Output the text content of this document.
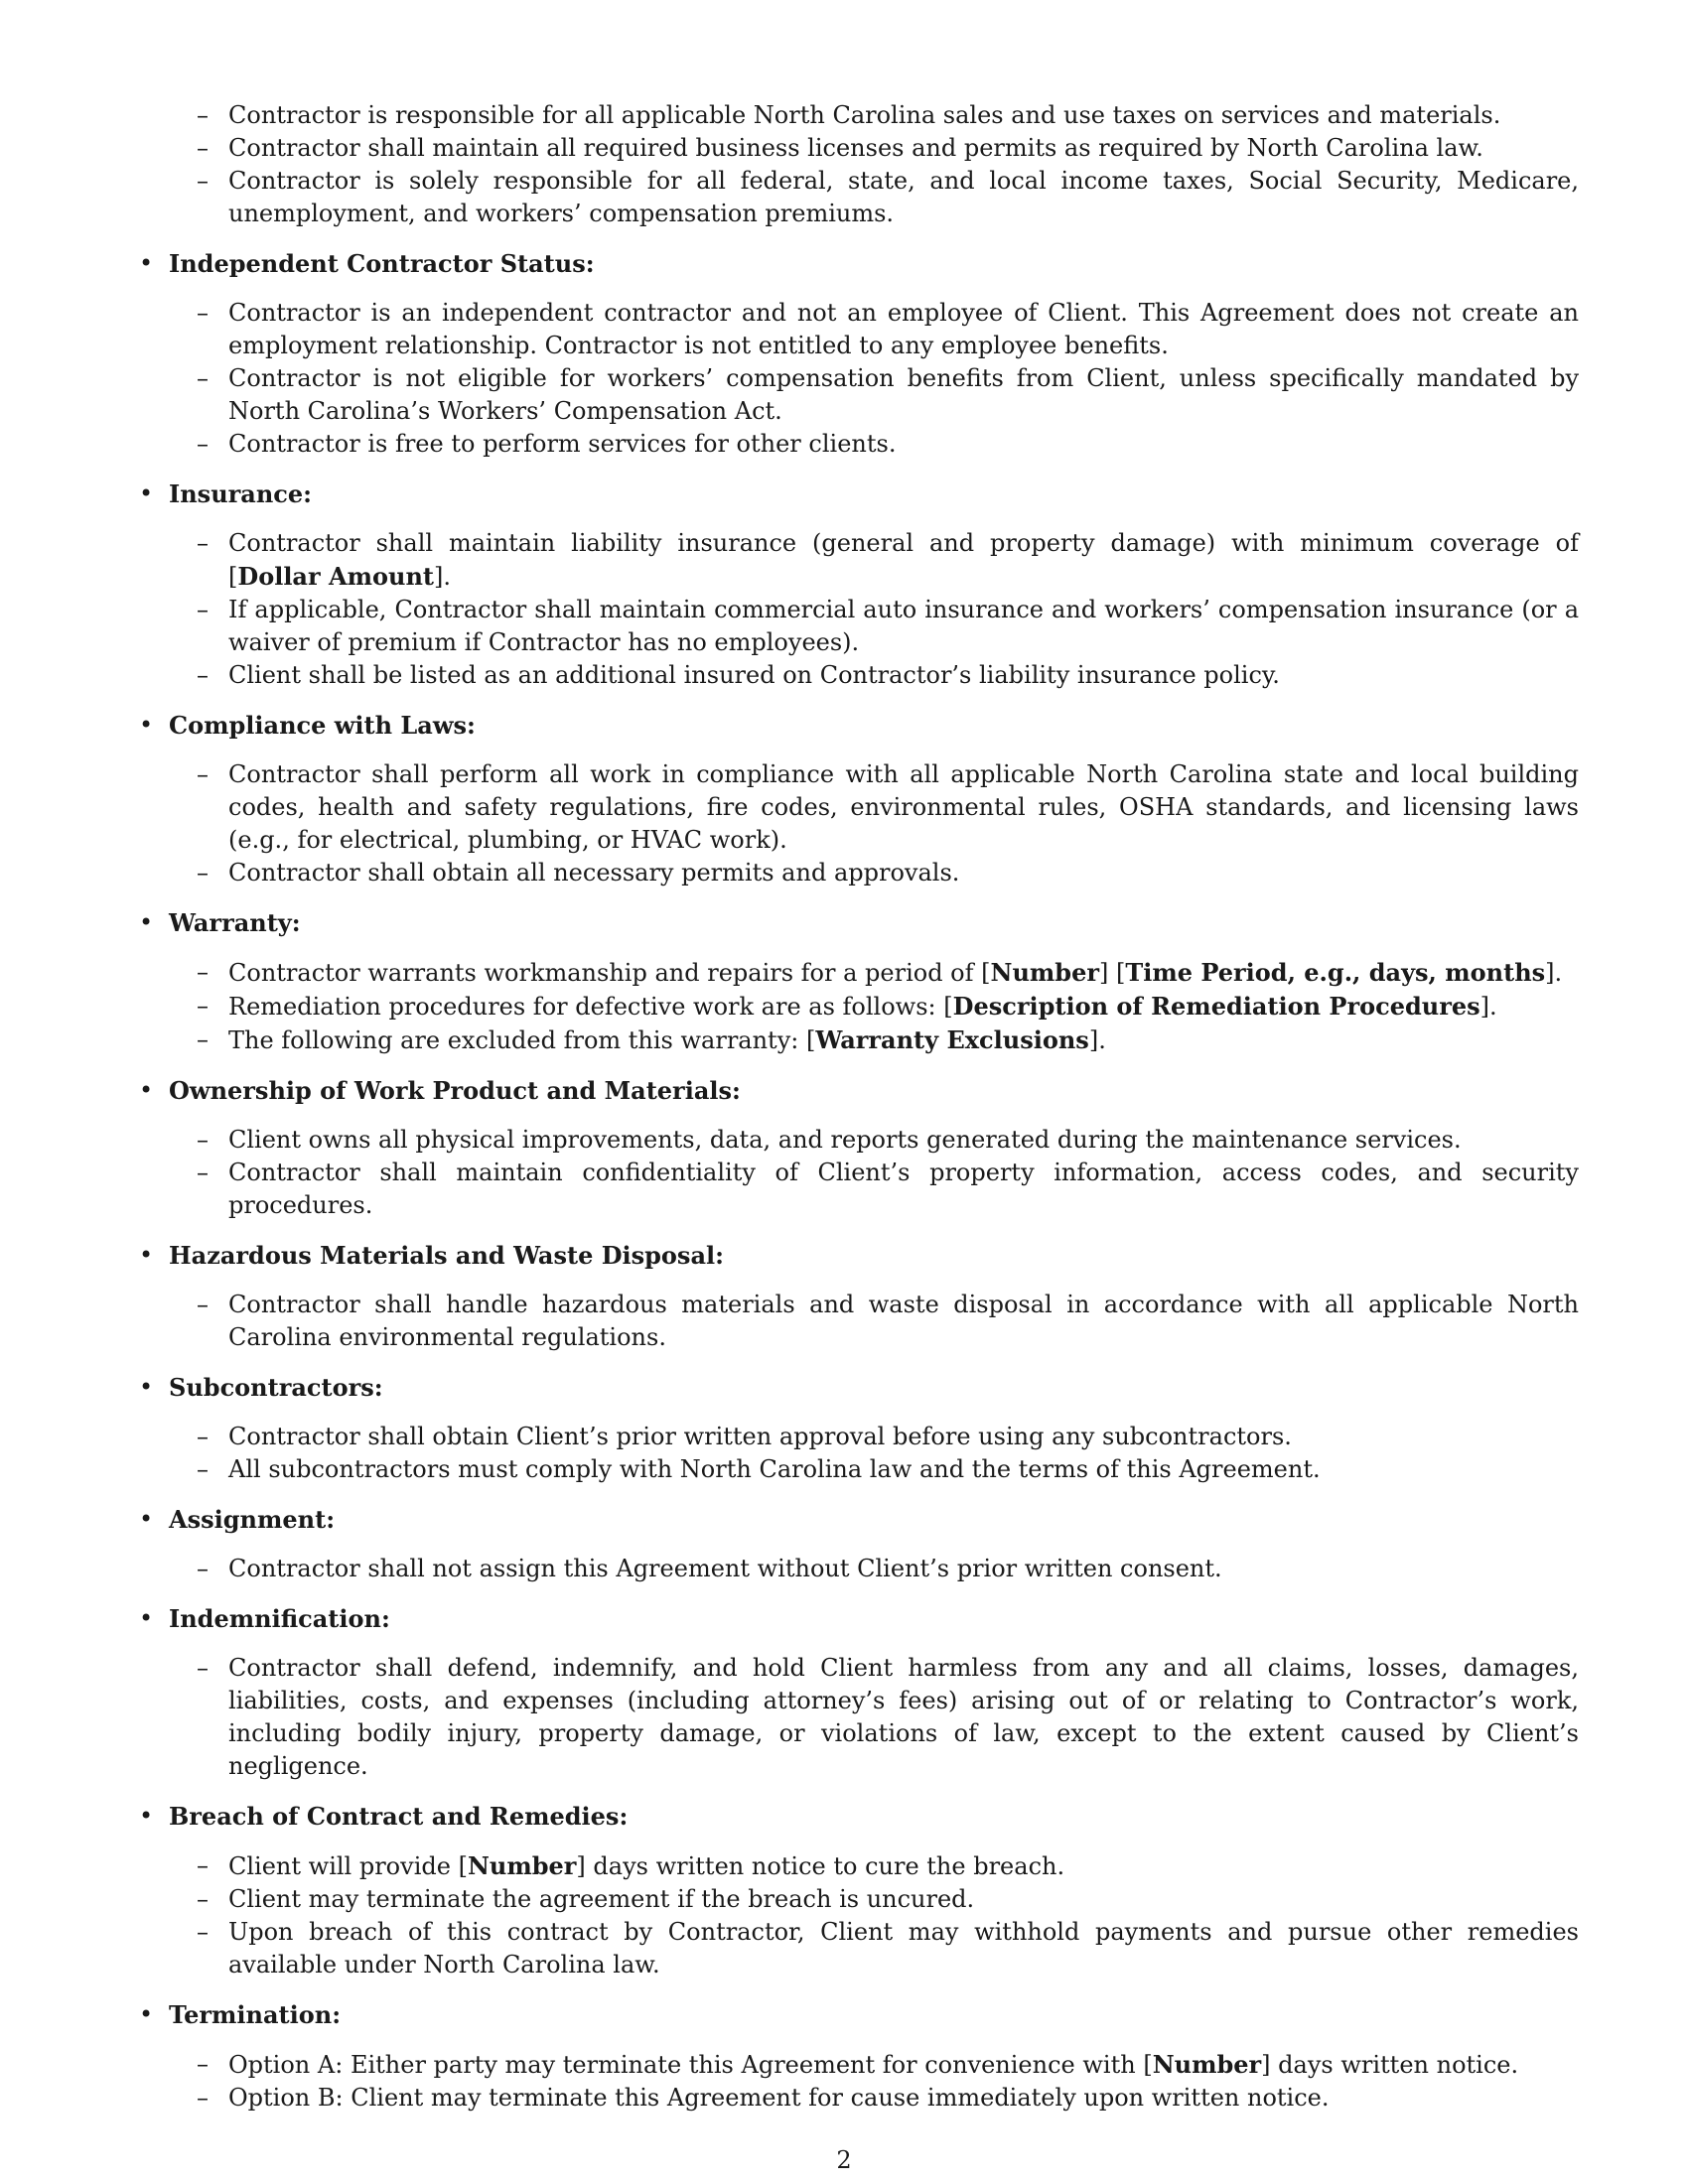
– Contractor is responsible for all applicable North Carolina sales and use taxes on services and materials.
– Contractor shall maintain all required business licenses and permits as required by North Carolina law.
– Contractor is solely responsible for all federal, state, and local income taxes, Social Security, Medicare, unemployment, and workers’ compensation premiums.
• Independent Contractor Status:
– Contractor is an independent contractor and not an employee of Client. This Agreement does not create an employment relationship. Contractor is not entitled to any employee benefits.
– Contractor is not eligible for workers’ compensation benefits from Client, unless specifically mandated by North Carolina’s Workers’ Compensation Act.
– Contractor is free to perform services for other clients.
• Insurance:
– Contractor shall maintain liability insurance (general and property damage) with minimum coverage of [Dollar Amount].
– If applicable, Contractor shall maintain commercial auto insurance and workers’ compensation insurance (or a waiver of premium if Contractor has no employees).
– Client shall be listed as an additional insured on Contractor’s liability insurance policy.
• Compliance with Laws:
– Contractor shall perform all work in compliance with all applicable North Carolina state and local building codes, health and safety regulations, fire codes, environmental rules, OSHA standards, and licensing laws (e.g., for electrical, plumbing, or HVAC work).
– Contractor shall obtain all necessary permits and approvals.
• Warranty:
– Contractor warrants workmanship and repairs for a period of [Number] [Time Period, e.g., days, months].
– Remediation procedures for defective work are as follows: [Description of Remediation Procedures].
– The following are excluded from this warranty: [Warranty Exclusions].
• Ownership of Work Product and Materials:
– Client owns all physical improvements, data, and reports generated during the maintenance services.
– Contractor shall maintain confidentiality of Client’s property information, access codes, and security procedures.
• Hazardous Materials and Waste Disposal:
– Contractor shall handle hazardous materials and waste disposal in accordance with all applicable North Carolina environmental regulations.
• Subcontractors:
– Contractor shall obtain Client’s prior written approval before using any subcontractors.
– All subcontractors must comply with North Carolina law and the terms of this Agreement.
• Assignment:
– Contractor shall not assign this Agreement without Client’s prior written consent.
• Indemnification:
– Contractor shall defend, indemnify, and hold Client harmless from any and all claims, losses, damages, liabilities, costs, and expenses (including attorney’s fees) arising out of or relating to Contractor’s work, including bodily injury, property damage, or violations of law, except to the extent caused by Client’s negligence.
• Breach of Contract and Remedies:
– Client will provide [Number] days written notice to cure the breach.
– Client may terminate the agreement if the breach is uncured.
– Upon breach of this contract by Contractor, Client may withhold payments and pursue other remedies available under North Carolina law.
• Termination:
– Option A: Either party may terminate this Agreement for convenience with [Number] days written notice.
– Option B: Client may terminate this Agreement for cause immediately upon written notice.
2
